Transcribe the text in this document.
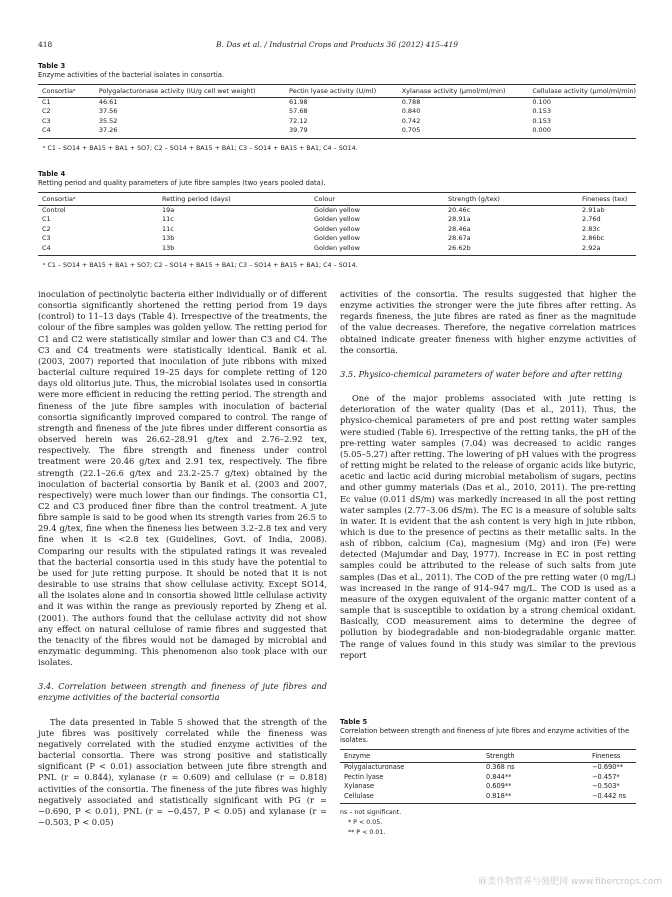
418	B. Das et al. / Industrial Crops and Products 36 (2012) 415–419
Table 3
Enzyme activities of the bacterial isolates in consortia.
Consortiaᵃ	Polygalacturonase activity (IU/g cell wet weight)	Pectin lyase activity (U/ml)	Xylanase activity (μmol/ml/min)	Cellulase activity (μmol/ml/min)
C1	46.61	61.98	0.788	0.100
C2	37.56	57.68	0.840	0.153
C3	35.52	72.12	0.742	0.153
C4	37.26	39.79	0.705	0.000
ᵃ C1 – SO14 + BA15 + BA1 + SO7; C2 – SO14 + BA15 + BA1; C3 – SO14 + BA15 + BA1; C4 – SO14.
Table 4
Retting period and quality parameters of jute fibre samples (two years pooled data).
Consortiaᵃ	Retting period (days)	Colour	Strength (g/tex)	Fineness (tex)
Control	19a	Golden yellow	20.46c	2.91ab
C1	11c	Golden yellow	28.91a	2.76d
C2	11c	Golden yellow	28.46a	2.83c
C3	13b	Golden yellow	28.67a	2.86bc
C4	13b	Golden yellow	26.62b	2.92a
ᵃ C1 – SO14 + BA15 + BA1 + SO7; C2 – SO14 + BA15 + BA1; C3 – SO14 + BA15 + BA1; C4 – SO14.

inoculation of pectinolytic bacteria either individually or of different consortia significantly shortened the retting period from 19 days (control) to 11–13 days (Table 4). Irrespective of the treatments, the colour of the fibre samples was golden yellow. The retting period for C1 and C2 were statistically similar and lower than C3 and C4. The C3 and C4 treatments were statistically identical. Banik et al. (2003, 2007) reported that inoculation of jute ribbons with mixed bacterial culture required 19–25 days for complete retting of 120 days old olitorius jute. Thus, the microbial isolates used in consortia were more efficient in reducing the retting period. The strength and fineness of the jute fibre samples with inoculation of bacterial consortia significantly improved compared to control. The range of strength and fineness of the jute fibres under different consortia as observed herein was 26.62–28.91 g/tex and 2.76–2.92 tex, respectively. The fibre strength and fineness under control treatment were 20.46 g/tex and 2.91 tex, respectively. The fibre strength (22.1–26.6 g/tex and 23.2–25.7 g/tex) obtained by the inoculation of bacterial consortia by Banik et al. (2003 and 2007, respectively) were much lower than our findings. The consortia C1, C2 and C3 produced finer fibre than the control treatment. A jute fibre sample is said to be good when its strength varies from 26.5 to 29.4 g/tex, fine when the fineness lies between 3.2–2.8 tex and very fine when it is <2.8 tex (Guidelines, Govt. of India, 2008). Comparing our results with the stipulated ratings it was revealed that the bacterial consortia used in this study have the potential to be used for jute retting purpose. It should be noted that it is not desirable to use strains that show cellulase activity. Except SO14, all the isolates alone and in consortia showed little cellulase activity and it was within the range as previously reported by Zheng et al. (2001). The authors found that the cellulase activity did not show any effect on natural cellulose of ramie fibres and suggested that the tenacity of the fibres would not be damaged by microbial and enzymatic degumming. This phenomenon also took place with our isolates.

3.4. Correlation between strength and fineness of jute fibres and enzyme activities of the bacterial consortia

The data presented in Table 5 showed that the strength of the jute fibres was positively correlated while the fineness was negatively correlated with the studied enzyme activities of the bacterial consortia. There was strong positive and statistically significant (P < 0.01) association between jute fibre strength and PNL (r = 0.844), xylanase (r = 0.609) and cellulase (r = 0.818) activities of the consortia. The fineness of the jute fibres was highly negatively associated and statistically significant with PG (r = −0.690, P < 0.01), PNL (r = −0.457, P < 0.05) and xylanase (r = −0.503, P < 0.05)

activities of the consortia. The results suggested that higher the enzyme activities the stronger were the jute fibres after retting. As regards fineness, the jute fibres are rated as finer as the magnitude of the value decreases. Therefore, the negative correlation matrices obtained indicate greater fineness with higher enzyme activities of the consortia.

3.5. Physico-chemical parameters of water before and after retting

One of the major problems associated with jute retting is deterioration of the water quality (Das et al., 2011). Thus, the physico-chemical parameters of pre and post retting water samples were studied (Table 6). Irrespective of the retting tanks, the pH of the pre-retting water samples (7.04) was decreased to acidic ranges (5.05–5.27) after retting. The lowering of pH values with the progress of retting might be related to the release of organic acids like butyric, acetic and lactic acid during microbial metabolism of sugars, pectins and other gummy materials (Das et al., 2010, 2011). The pre-retting Ec value (0.011 dS/m) was markedly increased in all the post retting water samples (2.77–3.06 dS/m). The EC is a measure of soluble salts in water. It is evident that the ash content is very high in jute ribbon, which is due to the presence of pectins as their metallic salts. In the ash of ribbon, calcium (Ca), magnesium (Mg) and iron (Fe) were detected (Majumdar and Day, 1977). Increase in EC in post retting samples could be attributed to the release of such salts from jute samples (Das et al., 2011). The COD of the pre retting water (0 mg/L) was increased in the range of 914–947 mg/L. The COD is used as a measure of the oxygen equivalent of the organic matter content of a sample that is susceptible to oxidation by a strong chemical oxidant. Basically, COD measurement aims to determine the degree of pollution by biodegradable and non-biodegradable organic matter. The range of values found in this study was similar to the previous report

Table 5
Correlation between strength and fineness of jute fibres and enzyme activities of the isolates.
Enzyme	Strength	Fineness
Polygalacturonase	0.368 ns	−0.690**
Pectin lyase	0.844**	−0.457*
Xylanase	0.609**	−0.503*
Cellulase	0.818**	−0.442 ns
ns – not significant.
* P < 0.05.
** P < 0.01.
麻类作物营养与施肥网 www.fibercrops.com
